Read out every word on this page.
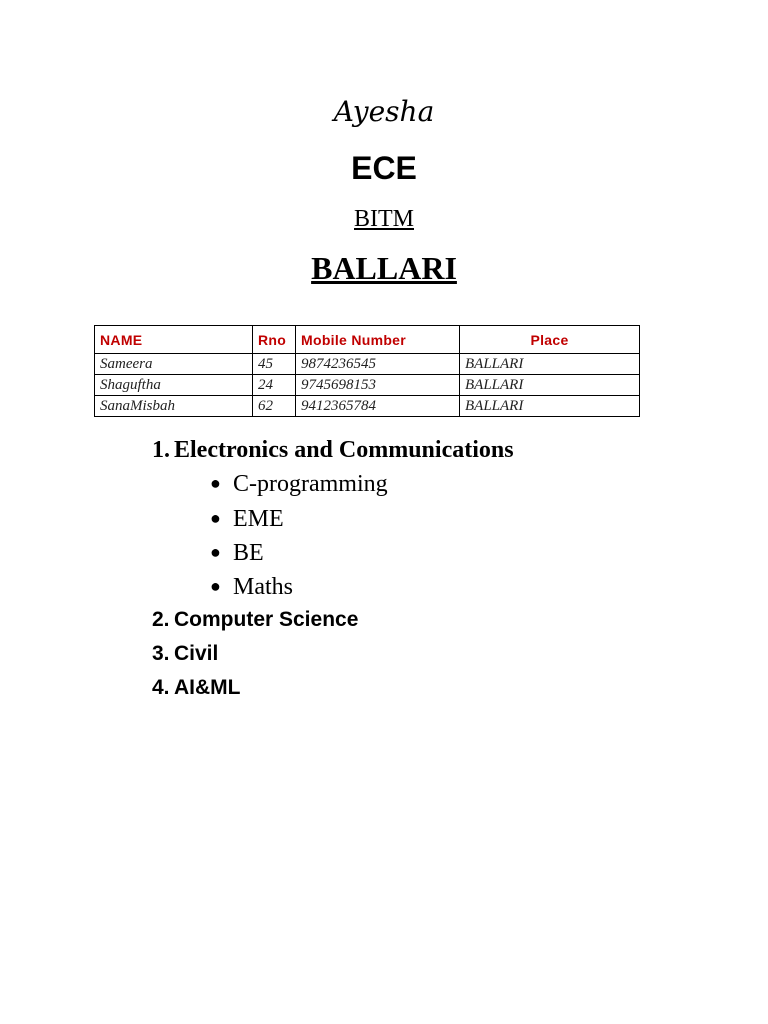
Ayesha
ECE
BITM
BALLARI
NAME	Rno	Mobile Number	Place
Sameera	45	9874236545	BALLARI
Shaguftha	24	9745698153	BALLARI
SanaMisbah	62	9412365784	BALLARI
1. Electronics and Communications
● C-programming
● EME
● BE
● Maths
2. Computer Science
3. Civil
4. AI&ML
